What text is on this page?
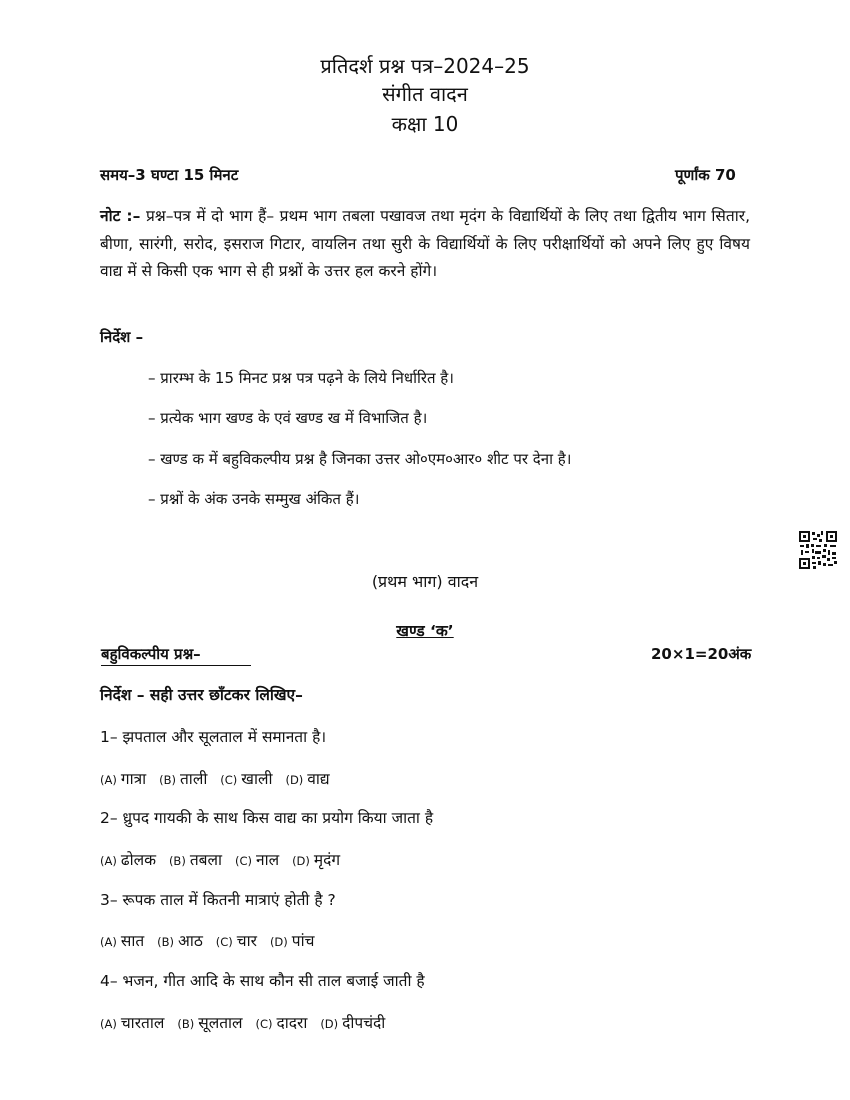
प्रतिदर्श प्रश्न पत्र–2024–25
संगीत वादन
कक्षा 10
समय–3 घण्टा 15 मिनट	पूर्णांक 70
नोट :– प्रश्न–पत्र में दो भाग हैं– प्रथम भाग तबला पखावज तथा मृदंग के विद्यार्थियों के लिए तथा द्वितीय भाग सितार, बीणा, सारंगी, सरोद, इसराज गिटार, वायलिन तथा सुरी के विद्यार्थियों के लिए परीक्षार्थियों को अपने लिए हुए विषय वाद्य में से किसी एक भाग से ही प्रश्नों के उत्तर हल करने होंगे।
निर्देश –
– प्रारम्भ के 15 मिनट प्रश्न पत्र पढ़ने के लिये निर्धारित है।
– प्रत्येक भाग खण्ड के एवं खण्ड ख में विभाजित है।
– खण्ड क में बहुविकल्पीय प्रश्न है जिनका उत्तर ओ०एम०आर० शीट पर देना है।
– प्रश्नों के अंक उनके सम्मुख अंकित हैं।
(प्रथम भाग) वादन
खण्ड ‘क’
बहुविकल्पीय प्रश्न–	20×1=20अंक
निर्देश – सही उत्तर छाँटकर लिखिए–
1– झपताल और सूलताल में समानता है।
(A) गात्रा (B) ताली (C) खाली (D) वाद्य
2– ध्रुपद गायकी के साथ किस वाद्य का प्रयोग किया जाता है
(A) ढोलक (B) तबला (C) नाल (D) मृदंग
3– रूपक ताल में कितनी मात्राएं होती है ?
(A) सात (B) आठ (C) चार (D) पांच
4– भजन, गीत आदि के साथ कौन सी ताल बजाई जाती है
(A) चारताल (B) सूलताल (C) दादरा (D) दीपचंदी
